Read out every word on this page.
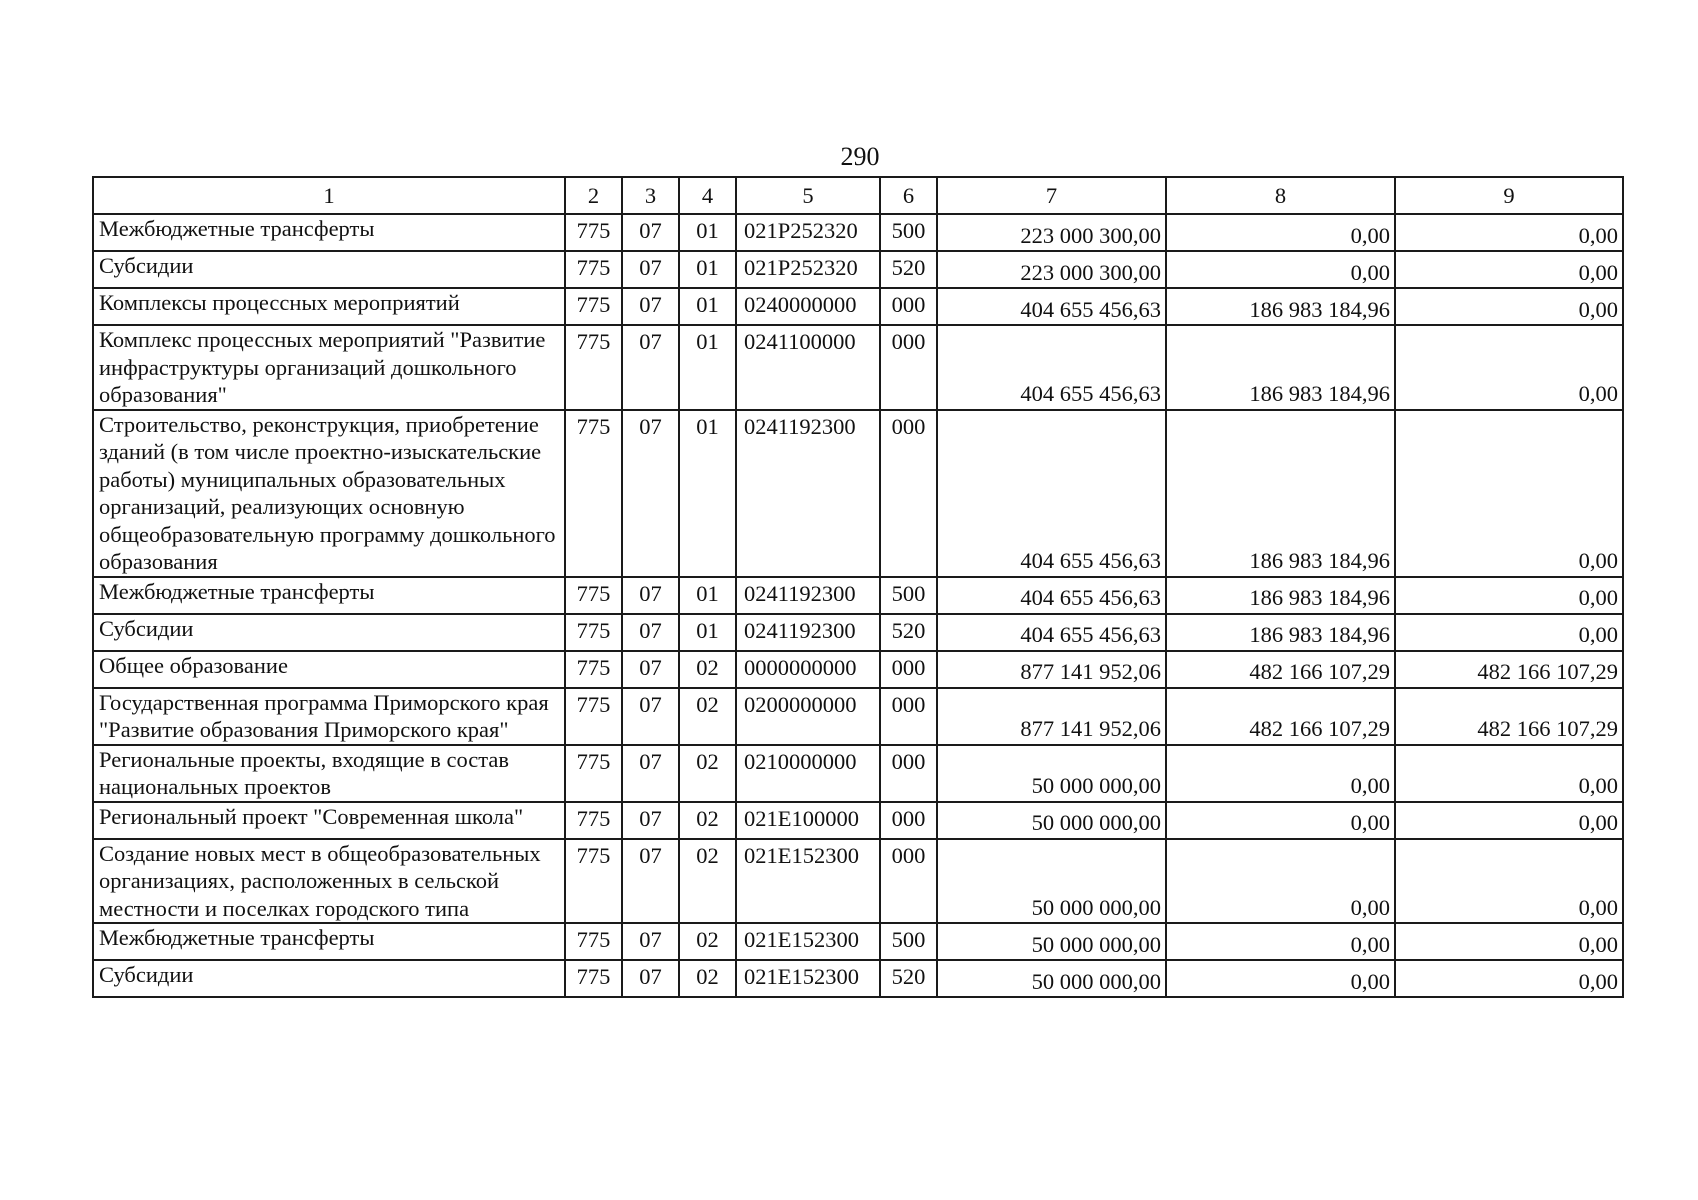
290
1	2	3	4	5	6	7	8	9
Межбюджетные трансферты	775	07	01	021P252320	500	223 000 300,00	0,00	0,00
Субсидии	775	07	01	021P252320	520	223 000 300,00	0,00	0,00
Комплексы процессных мероприятий	775	07	01	0240000000	000	404 655 456,63	186 983 184,96	0,00
Комплекс процессных мероприятий "Развитие инфраструктуры организаций дошкольного образования"	775	07	01	0241100000	000	404 655 456,63	186 983 184,96	0,00
Строительство, реконструкция, приобретение зданий (в том числе проектно-изыскательские работы) муниципальных образовательных организаций, реализующих основную общеобразовательную программу дошкольного образования	775	07	01	0241192300	000	404 655 456,63	186 983 184,96	0,00
Межбюджетные трансферты	775	07	01	0241192300	500	404 655 456,63	186 983 184,96	0,00
Субсидии	775	07	01	0241192300	520	404 655 456,63	186 983 184,96	0,00
Общее образование	775	07	02	0000000000	000	877 141 952,06	482 166 107,29	482 166 107,29
Государственная программа Приморского края "Развитие образования Приморского края"	775	07	02	0200000000	000	877 141 952,06	482 166 107,29	482 166 107,29
Региональные проекты, входящие в состав национальных проектов	775	07	02	0210000000	000	50 000 000,00	0,00	0,00
Региональный проект "Современная школа"	775	07	02	021E100000	000	50 000 000,00	0,00	0,00
Создание новых мест в общеобразовательных организациях, расположенных в сельской местности и поселках городского типа	775	07	02	021E152300	000	50 000 000,00	0,00	0,00
Межбюджетные трансферты	775	07	02	021E152300	500	50 000 000,00	0,00	0,00
Субсидии	775	07	02	021E152300	520	50 000 000,00	0,00	0,00
